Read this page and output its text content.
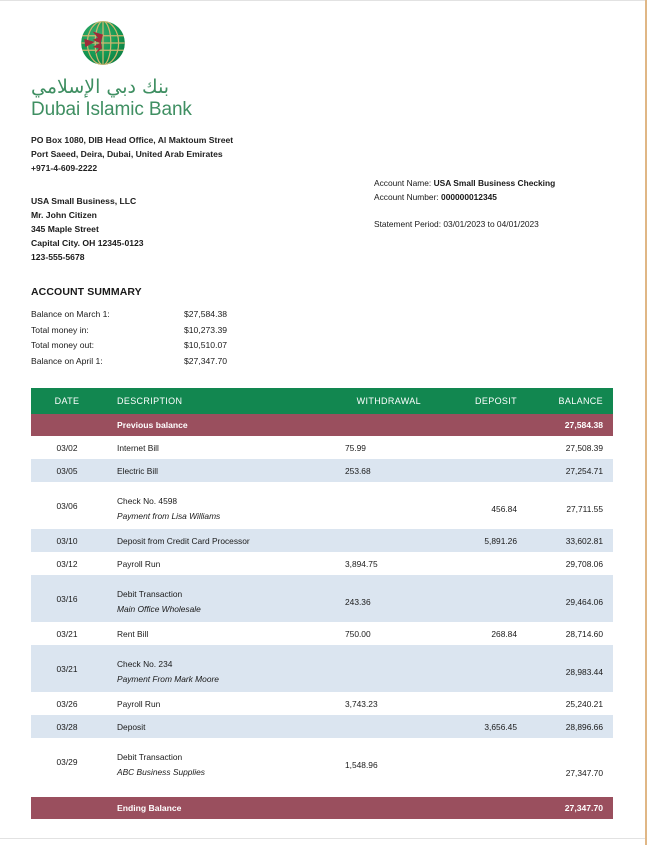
بنك دبي الإسلامي
Dubai Islamic Bank
PO Box 1080, DIB Head Office, Al Maktoum Street
Port Saeed, Deira, Dubai, United Arab Emirates
+971-4-609-2222
USA Small Business, LLC
Mr. John Citizen
345 Maple Street
Capital City. OH 12345-0123
123-555-5678
ACCOUNT SUMMARY
Balance on March 1:	$27,584.38
Total money in:	$10,273.39
Total money out:	$10,510.07
Balance on April 1:	$27,347.70
DATE	DESCRIPTION	WITHDRAWAL	DEPOSIT	BALANCE
	Previous balance			27,584.38
03/02	Internet Bill	75.99		27,508.39
03/05	Electric Bill	253.68		27,254.71
03/06	Check No. 4598
Payment from Lisa Williams		456.84	27,711.55
03/10	Deposit from Credit Card Processor		5,891.26	33,602.81
03/12	Payroll Run	3,894.75		29,708.06
03/16	Debit Transaction
Main Office Wholesale	243.36		29,464.06
03/21	Rent Bill	750.00	268.84	28,714.60
03/21	Check No. 234
Payment From Mark Moore			28,983.44
03/26	Payroll Run	3,743.23		25,240.21
03/28	Deposit		3,656.45	28,896.66
03/29	Debit Transaction
ABC Business Supplies	1,548.96		27,347.70

	Ending Balance			27,347.70
Account Name: USA Small Business Checking
Account Number: 000000012345
Statement Period: 03/01/2023 to 04/01/2023
